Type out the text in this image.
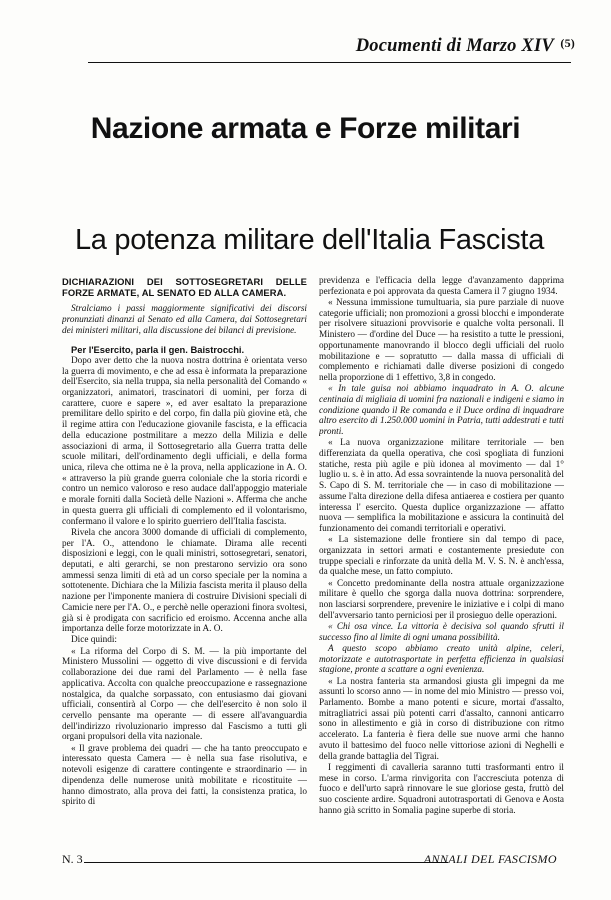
Documenti di Marzo XIV $^{(5)}$
Nazione armata e Forze militari
La potenza militare dell'Italia Fascista
DICHIARAZIONI DEI SOTTOSEGRETARI DELLE FORZE ARMATE, AL SENATO ED ALLA CAMERA.

Stralciamo i passi maggiormente significativi dei discorsi pronunziati dinanzi al Senato ed alla Camera, dai Sottosegretari dei ministeri militari, alla discussione dei bilanci di previsione.

Per l'Esercito, parla il gen. Baistrocchi.

Dopo aver detto che la nuova nostra dottrina è orientata verso la guerra di movimento, e che ad essa è informata la preparazione dell'Esercito, sia nella truppa, sia nella personalità del Comando « organizzatori, animatori, trascinatori di uomini, per forza di carattere, cuore e sapere », ed aver esaltato la preparazione premilitare dello spirito e del corpo, fin dalla più giovine età, che il regime attira con l'educazione giovanile fascista, e la efficacia della educazione postmilitare a mezzo della Milizia e delle associazioni di arma, il Sottosegretario alla Guerra tratta delle scuole militari, dell'ordinamento degli ufficiali, e della forma unica, rileva che ottima ne è la prova, nella applicazione in A. O. « attraverso la più grande guerra coloniale che la storia ricordi e contro un nemico valoroso e reso audace dall'appoggio materiale e morale forniti dalla Società delle Nazioni ». Afferma che anche in questa guerra gli ufficiali di complemento ed il volontarismo, confermano il valore e lo spirito guerriero dell'Italia fascista.

Rivela che ancora 3000 domande di ufficiali di complemento, per l'A. O., attendono le chiamate. Dirama alle recenti disposizioni e leggi, con le quali ministri, sottosegretari, senatori, deputati, e alti gerarchi, se non prestarono servizio ora sono ammessi senza limiti di età ad un corso speciale per la nomina a sottotenente. Dichiara che la Milizia fascista merita il plauso della nazione per l'imponente maniera di costruire Divisioni speciali di Camicie nere per l'A. O., e perchè nelle operazioni finora svoltesi, già si è prodigata con sacrificio ed eroismo. Accenna anche alla importanza delle forze motorizzate in A. O.

Dice quindi:

« La riforma del Corpo di S. M. — la più importante del Ministero Mussolini — oggetto di vive discussioni e di fervida collaborazione dei due rami del Parlamento — è nella fase applicativa. Accolta con qualche preoccupazione e rassegnazione nostalgica, da qualche sorpassato, con entusiasmo dai giovani ufficiali, consentirà al Corpo — che dell'esercito è non solo il cervello pensante ma operante — di essere all'avanguardia dell'indirizzo rivoluzionario impresso dal Fascismo a tutti gli organi propulsori della vita nazionale.

« Il grave problema dei quadri — che ha tanto preoccupato e interessato questa Camera — è nella sua fase risolutiva, e notevoli esigenze di carattere contingente e straordinario — in dipendenza delle numerose unità mobilitate e ricostituite — hanno dimostrato, alla prova dei fatti, la consistenza pratica, lo spirito di

previdenza e l'efficacia della legge d'avanzamento dapprima perfezionata e poi approvata da questa Camera il 7 giugno 1934.

« Nessuna immissione tumultuaria, sia pure parziale di nuove categorie ufficiali; non promozioni a grossi blocchi e imponderate per risolvere situazioni provvisorie e qualche volta personali. Il Ministero — d'ordine del Duce — ha resistito a tutte le pressioni, opportunamente manovrando il blocco degli ufficiali del ruolo mobilitazione e — sopratutto — dalla massa di ufficiali di complemento e richiamati dalle diverse posizioni di congedo nella proporzione di 1 effettivo, 3,8 in congedo.

« In tale guisa noi abbiamo inquadrato in A. O. alcune centinaia di migliaia di uomini fra nazionali e indigeni e siamo in condizione quando il Re comanda e il Duce ordina di inquadrare altro esercito di 1.250.000 uomini in Patria, tutti addestrati e tutti pronti.

« La nuova organizzazione militare territoriale — ben differenziata da quella operativa, che così spogliata di funzioni statiche, resta più agile e più idonea al movimento — dal 1° luglio u. s. è in atto. Ad essa sovraintende la nuova personalità del S. Capo di S. M. territoriale che — in caso di mobilitazione — assume l'alta direzione della difesa antiaerea e costiera per quanto interessa l' esercito. Questa duplice organizzazione — affatto nuova — semplifica la mobilitazione e assicura la continuità del funzionamento dei comandi territoriali e operativi.

« La sistemazione delle frontiere sin dal tempo di pace, organizzata in settori armati e costantemente presiedute con truppe speciali e rinforzate da unità della M. V. S. N. è anch'essa, da qualche mese, un fatto compiuto.

« Concetto predominante della nostra attuale organizzazione militare è quello che sgorga dalla nuova dottrina: sorprendere, non lasciarsi sorprendere, prevenire le iniziative e i colpi di mano dell'avversario tanto perniciosi per il prosieguo delle operazioni.

« Chi osa vince. La vittoria è decisiva sol quando sfrutti il successo fino al limite di ogni umana possibilità.

A questo scopo abbiamo creato unità alpine, celeri, motorizzate e autotrasportate in perfetta efficienza in qualsiasi stagione, pronte a scattare a ogni evenienza.

« La nostra fanteria sta armandosi giusta gli impegni da me assunti lo scorso anno — in nome del mio Ministro — presso voi, Parlamento. Bombe a mano potenti e sicure, mortai d'assalto, mitragliatrici assai più potenti carri d'assalto, cannoni anticarro sono in allestimento e già in corso di distribuzione con ritmo accelerato. La fanteria è fiera delle sue nuove armi che hanno avuto il battesimo del fuoco nelle vittoriose azioni di Neghelli e della grande battaglia del Tigrai.

I reggimenti di cavalleria saranno tutti trasformanti entro il mese in corso. L'arma rinvigorita con l'accresciuta potenza di fuoco e dell'urto saprà rinnovare le sue gloriose gesta, fruttò del suo cosciente ardire. Squadroni autotrasportati di Genova e Aosta hanno già scritto in Somalia pagine superbe di storia.

N. 3	ANNALI DEL FASCISMO
